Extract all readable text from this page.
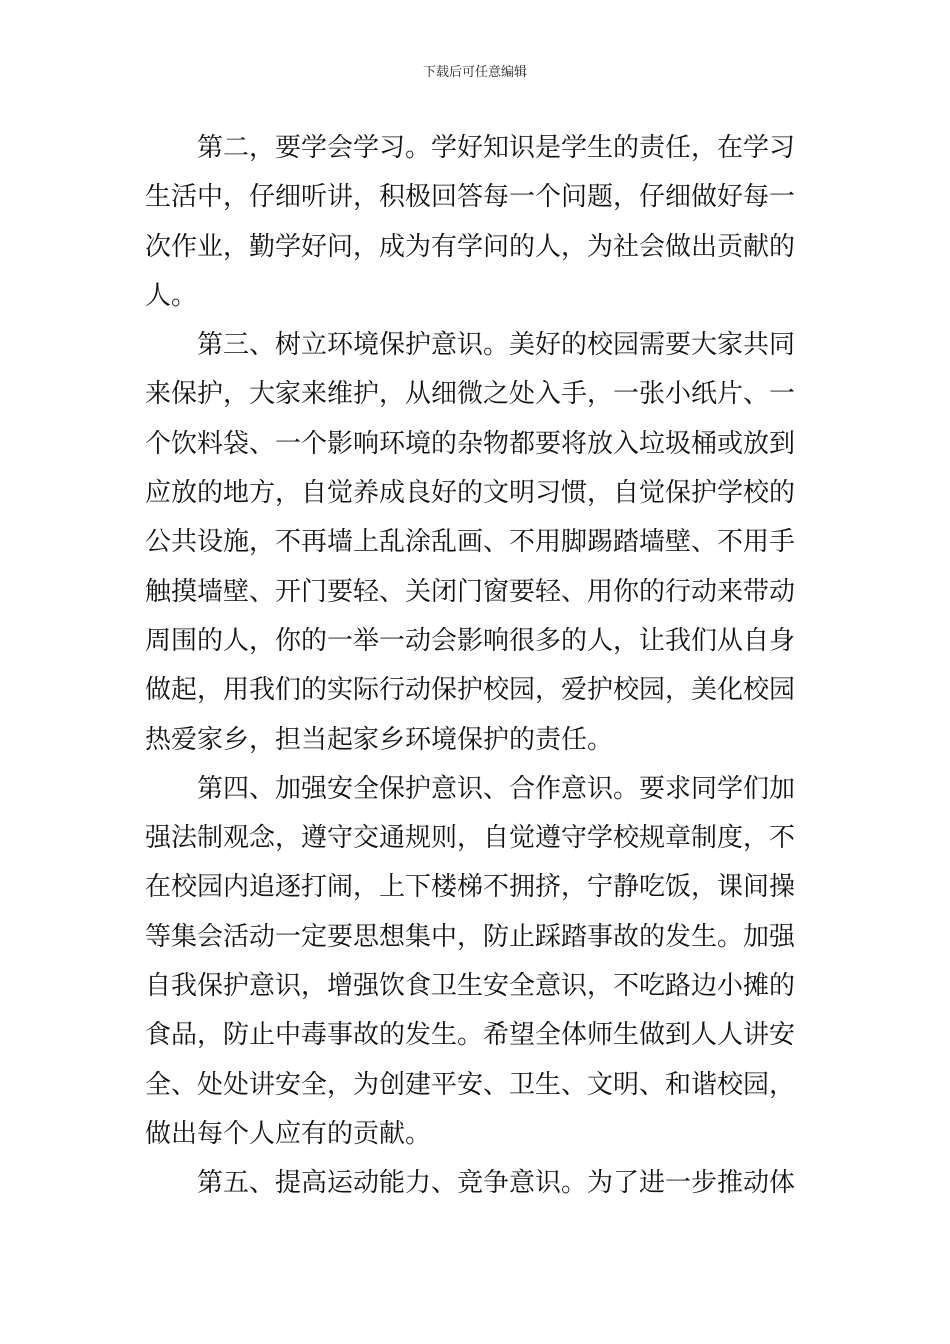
下载后可任意编辑
第二，要学会学习。学好知识是学生的责任，在学习
生活中，仔细听讲，积极回答每一个问题，仔细做好每一
次作业，勤学好问，成为有学问的人，为社会做出贡献的
人。
第三、树立环境保护意识。美好的校园需要大家共同
来保护，大家来维护，从细微之处入手，一张小纸片、一
个饮料袋、一个影响环境的杂物都要将放入垃圾桶或放到
应放的地方，自觉养成良好的文明习惯，自觉保护学校的
公共设施，不再墙上乱涂乱画、不用脚踢踏墙壁、不用手
触摸墙壁、开门要轻、关闭门窗要轻、用你的行动来带动
周围的人，你的一举一动会影响很多的人，让我们从自身
做起，用我们的实际行动保护校园，爱护校园，美化校园
热爱家乡，担当起家乡环境保护的责任。
第四、加强安全保护意识、合作意识。要求同学们加
强法制观念，遵守交通规则，自觉遵守学校规章制度，不
在校园内追逐打闹，上下楼梯不拥挤，宁静吃饭，课间操
等集会活动一定要思想集中，防止踩踏事故的发生。加强
自我保护意识，增强饮食卫生安全意识，不吃路边小摊的
食品，防止中毒事故的发生。希望全体师生做到人人讲安
全、处处讲安全，为创建平安、卫生、文明、和谐校园，
做出每个人应有的贡献。
第五、提高运动能力、竞争意识。为了进一步推动体
